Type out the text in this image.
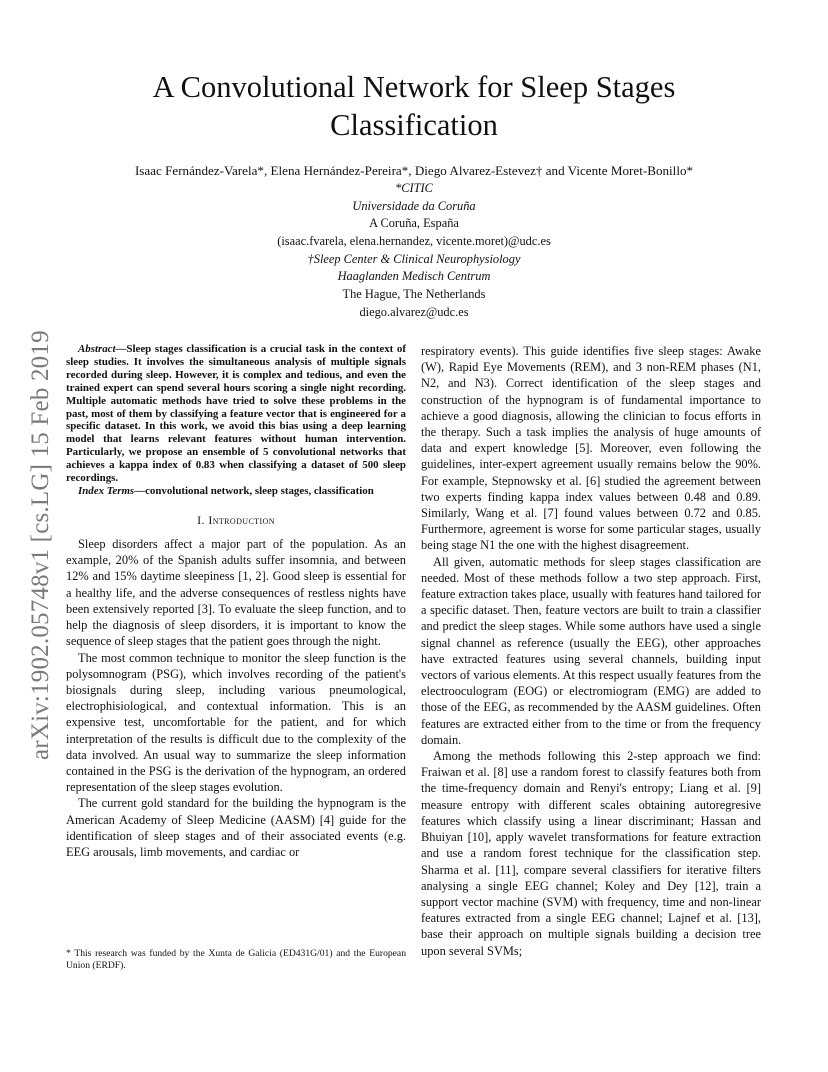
arXiv:1902.05748v1 [cs.LG] 15 Feb 2019
A Convolutional Network for Sleep Stages
Classification
Isaac Fernández-Varela*, Elena Hernández-Pereira*, Diego Alvarez-Estevez† and Vicente Moret-Bonillo*
*CITIC
Universidade da Coruña
A Coruña, España
(isaac.fvarela, elena.hernandez, vicente.moret)@udc.es
†Sleep Center & Clinical Neurophysiology
Haaglanden Medisch Centrum
The Hague, The Netherlands
diego.alvarez@udc.es
Abstract—Sleep stages classification is a crucial task in the context of sleep studies. It involves the simultaneous analysis of multiple signals recorded during sleep. However, it is complex and tedious, and even the trained expert can spend several hours scoring a single night recording. Multiple automatic methods have tried to solve these problems in the past, most of them by classifying a feature vector that is engineered for a specific dataset. In this work, we avoid this bias using a deep learning model that learns relevant features without human intervention. Particularly, we propose an ensemble of 5 convolutional networks that achieves a kappa index of 0.83 when classifying a dataset of 500 sleep recordings.
Index Terms—convolutional network, sleep stages, classification
I. Introduction

Sleep disorders affect a major part of the population. As an example, 20% of the Spanish adults suffer insomnia, and between 12% and 15% daytime sleepiness [1, 2]. Good sleep is essential for a healthy life, and the adverse consequences of restless nights have been extensively reported [3]. To evaluate the sleep function, and to help the diagnosis of sleep disorders, it is important to know the sequence of sleep stages that the patient goes through the night.

The most common technique to monitor the sleep function is the polysomnogram (PSG), which involves recording of the patient's biosignals during sleep, including various pneumological, electrophisiological, and contextual information. This is an expensive test, uncomfortable for the patient, and for which interpretation of the results is difficult due to the complexity of the data involved. An usual way to summarize the sleep information contained in the PSG is the derivation of the hypnogram, an ordered representation of the sleep stages evolution.

The current gold standard for the building the hypnogram is the American Academy of Sleep Medicine (AASM) [4] guide for the identification of sleep stages and of their associated events (e.g. EEG arousals, limb movements, and cardiac or

* This research was funded by the Xunta de Galicia (ED431G/01) and the European Union (ERDF).

respiratory events). This guide identifies five sleep stages: Awake (W), Rapid Eye Movements (REM), and 3 non-REM phases (N1, N2, and N3). Correct identification of the sleep stages and construction of the hypnogram is of fundamental importance to achieve a good diagnosis, allowing the clinician to focus efforts in the therapy. Such a task implies the analysis of huge amounts of data and expert knowledge [5]. Moreover, even following the guidelines, inter-expert agreement usually remains below the 90%. For example, Stepnowsky et al. [6] studied the agreement between two experts finding kappa index values between 0.48 and 0.89. Similarly, Wang et al. [7] found values between 0.72 and 0.85. Furthermore, agreement is worse for some particular stages, usually being stage N1 the one with the highest disagreement.

All given, automatic methods for sleep stages classification are needed. Most of these methods follow a two step approach. First, feature extraction takes place, usually with features hand tailored for a specific dataset. Then, feature vectors are built to train a classifier and predict the sleep stages. While some authors have used a single signal channel as reference (usually the EEG), other approaches have extracted features using several channels, building input vectors of various elements. At this respect usually features from the electrooculogram (EOG) or electromiogram (EMG) are added to those of the EEG, as recommended by the AASM guidelines. Often features are extracted either from to the time or from the frequency domain.

Among the methods following this 2-step approach we find: Fraiwan et al. [8] use a random forest to classify features both from the time-frequency domain and Renyi's entropy; Liang et al. [9] measure entropy with different scales obtaining autoregresive features which classify using a linear discriminant; Hassan and Bhuiyan [10], apply wavelet transformations for feature extraction and use a random forest technique for the classification step. Sharma et al. [11], compare several classifiers for iterative filters analysing a single EEG channel; Koley and Dey [12], train a support vector machine (SVM) with frequency, time and non-linear features extracted from a single EEG channel; Lajnef et al. [13], base their approach on multiple signals building a decision tree upon several SVMs;
